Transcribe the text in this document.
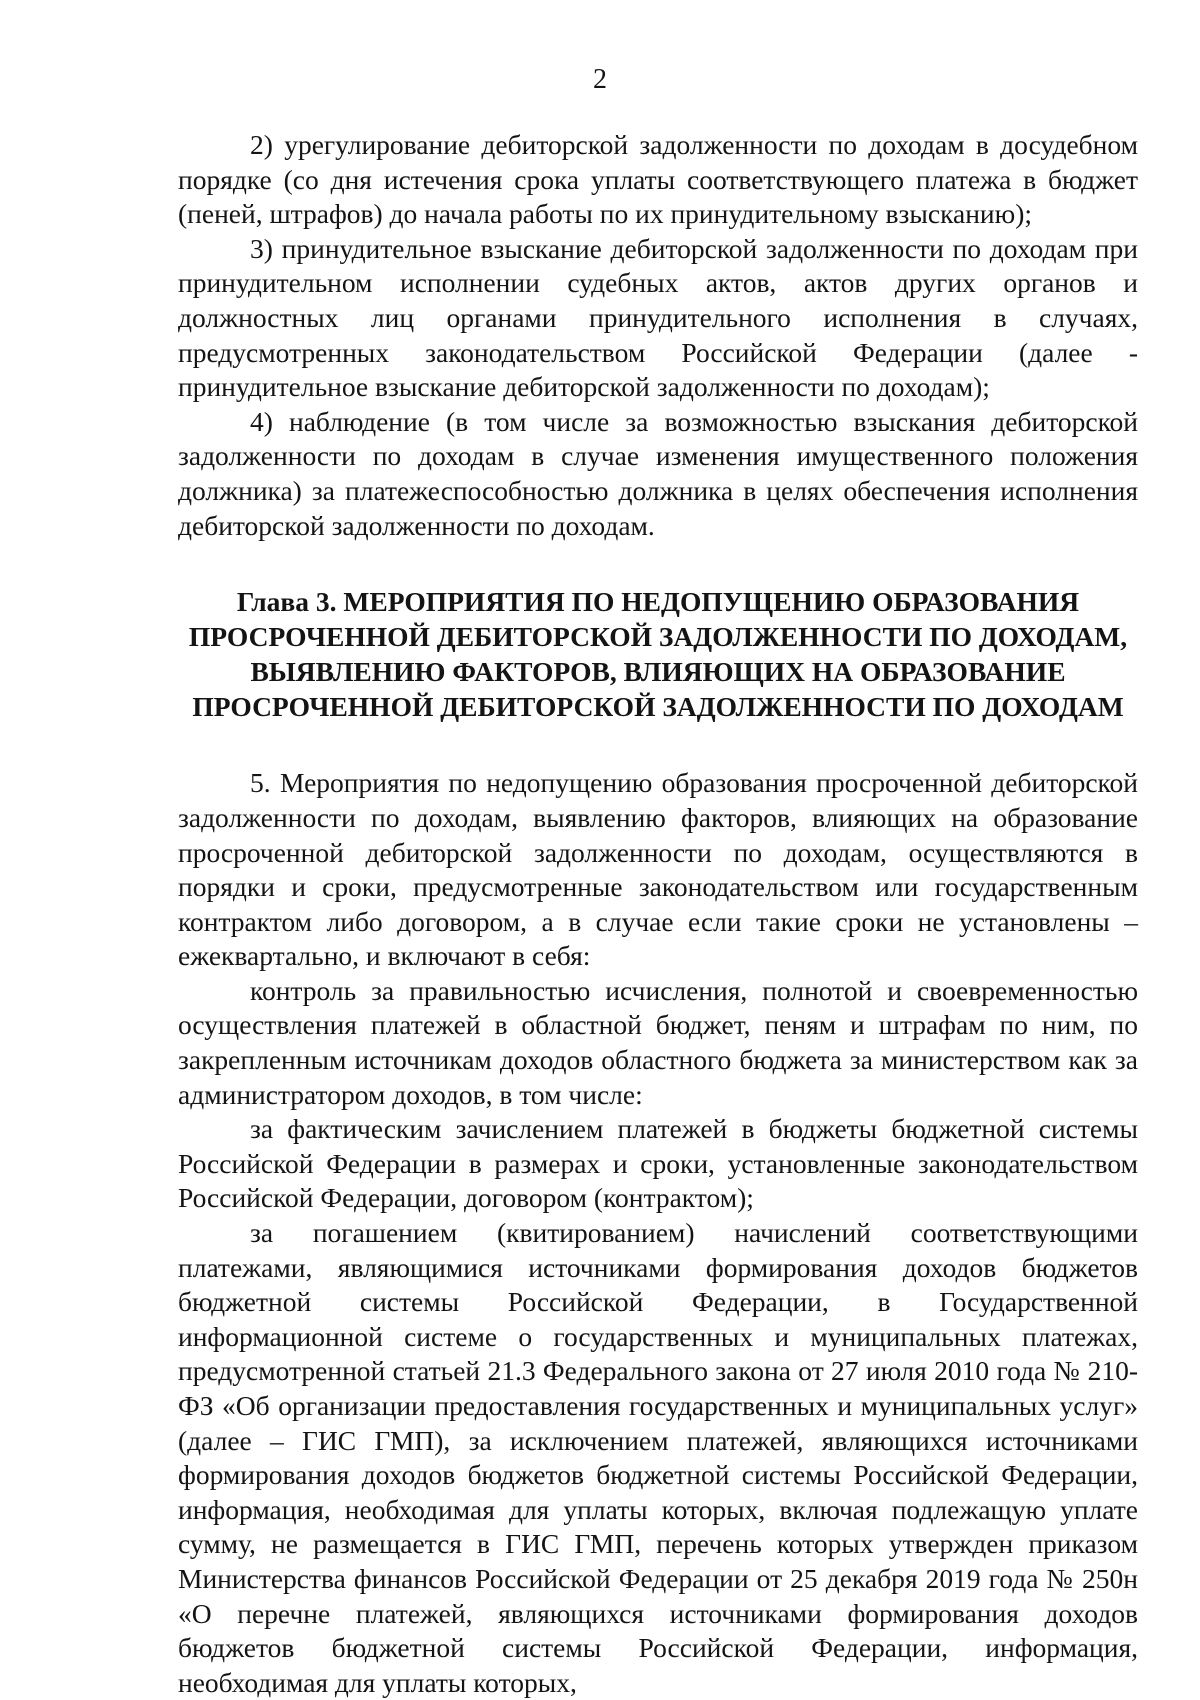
2

2) урегулирование дебиторской задолженности по доходам в досудебном порядке (со дня истечения срока уплаты соответствующего платежа в бюджет (пеней, штрафов) до начала работы по их принудительному взысканию);

3) принудительное взыскание дебиторской задолженности по доходам при принудительном исполнении судебных актов, актов других органов и должностных лиц органами принудительного исполнения в случаях, предусмотренных законодательством Российской Федерации (далее - принудительное взыскание дебиторской задолженности по доходам);

4) наблюдение (в том числе за возможностью взыскания дебиторской задолженности по доходам в случае изменения имущественного положения должника) за платежеспособностью должника в целях обеспечения исполнения дебиторской задолженности по доходам.

Глава 3. МЕРОПРИЯТИЯ ПО НЕДОПУЩЕНИЮ ОБРАЗОВАНИЯ
ПРОСРОЧЕННОЙ ДЕБИТОРСКОЙ ЗАДОЛЖЕННОСТИ ПО ДОХОДАМ,
ВЫЯВЛЕНИЮ ФАКТОРОВ, ВЛИЯЮЩИХ НА ОБРАЗОВАНИЕ
ПРОСРОЧЕННОЙ ДЕБИТОРСКОЙ ЗАДОЛЖЕННОСТИ ПО ДОХОДАМ

5. Мероприятия по недопущению образования просроченной дебиторской задолженности по доходам, выявлению факторов, влияющих на образование просроченной дебиторской задолженности по доходам, осуществляются в порядки и сроки, предусмотренные законодательством или государственным контрактом либо договором, а в случае если такие сроки не установлены – ежеквартально, и включают в себя:

контроль за правильностью исчисления, полнотой и своевременностью осуществления платежей в областной бюджет, пеням и штрафам по ним, по закрепленным источникам доходов областного бюджета за министерством как за администратором доходов, в том числе:

за фактическим зачислением платежей в бюджеты бюджетной системы Российской Федерации в размерах и сроки, установленные законодательством Российской Федерации, договором (контрактом);

за погашением (квитированием) начислений соответствующими платежами, являющимися источниками формирования доходов бюджетов бюджетной системы Российской Федерации, в Государственной информационной системе о государственных и муниципальных платежах, предусмотренной статьей 21.3 Федерального закона от 27 июля 2010 года № 210-ФЗ «Об организации предоставления государственных и муниципальных услуг» (далее – ГИС ГМП), за исключением платежей, являющихся источниками формирования доходов бюджетов бюджетной системы Российской Федерации, информация, необходимая для уплаты которых, включая подлежащую уплате сумму, не размещается в ГИС ГМП, перечень которых утвержден приказом Министерства финансов Российской Федерации от 25 декабря 2019 года № 250н «О перечне платежей, являющихся источниками формирования доходов бюджетов бюджетной системы Российской Федерации, информация, необходимая для уплаты которых,
